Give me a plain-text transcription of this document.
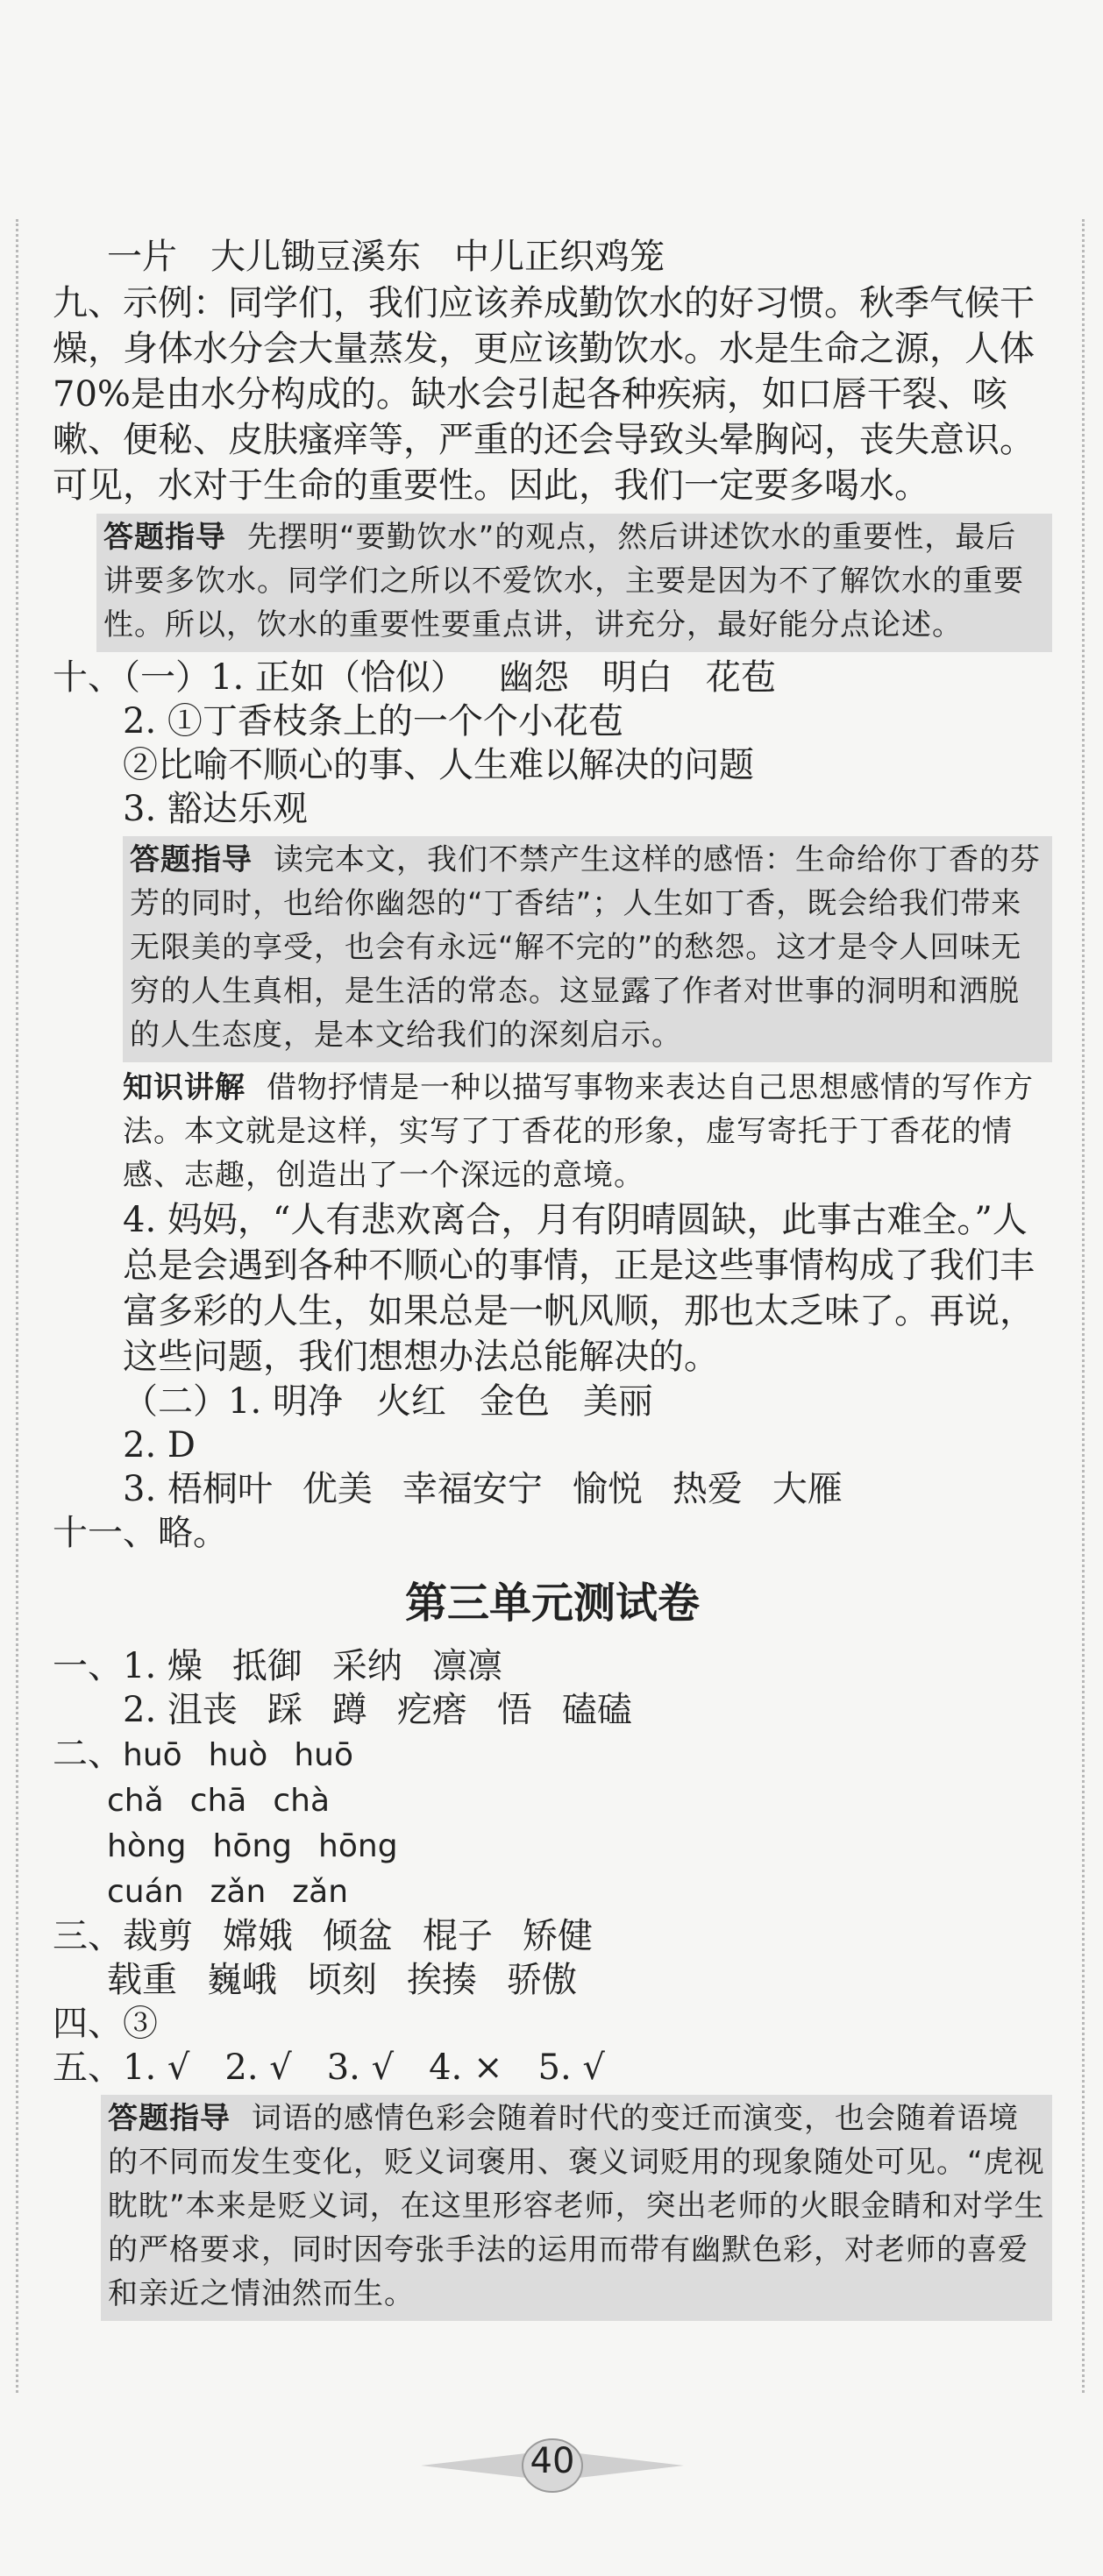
一片 大儿锄豆溪东 中儿正织鸡笼

九、示例：同学们，我们应该养成勤饮水的好习惯。秋季气候干燥，身体水分会大量蒸发，更应该勤饮水。水是生命之源，人体70%是由水分构成的。缺水会引起各种疾病，如口唇干裂、咳嗽、便秘、皮肤瘙痒等，严重的还会导致头晕胸闷，丧失意识。可见，水对于生命的重要性。因此，我们一定要多喝水。

答题指导 先摆明“要勤饮水”的观点，然后讲述饮水的重要性，最后讲要多饮水。同学们之所以不爱饮水，主要是因为不了解饮水的重要性。所以，饮水的重要性要重点讲，讲充分，最好能分点论述。

十、（一）1. 正如（恰似） 幽怨 明白 花苞

2. ①丁香枝条上的一个个小花苞

②比喻不顺心的事、人生难以解决的问题

3. 豁达乐观

答题指导 读完本文，我们不禁产生这样的感悟：生命给你丁香的芬芳的同时，也给你幽怨的“丁香结”；人生如丁香，既会给我们带来无限美的享受，也会有永远“解不完的”的愁怨。这才是令人回味无穷的人生真相，是生活的常态。这显露了作者对世事的洞明和洒脱的人生态度，是本文给我们的深刻启示。

知识讲解 借物抒情是一种以描写事物来表达自己思想感情的写作方法。本文就是这样，实写了丁香花的形象，虚写寄托于丁香花的情感、志趣，创造出了一个深远的意境。

4. 妈妈，“人有悲欢离合，月有阴晴圆缺，此事古难全。”人总是会遇到各种不顺心的事情，正是这些事情构成了我们丰富多彩的人生，如果总是一帆风顺，那也太乏味了。再说，这些问题，我们想想办法总能解决的。

（二）1. 明净 火红 金色 美丽

2. D

3. 梧桐叶 优美 幸福安宁 愉悦 热爱 大雁

十一、略。

第三单元测试卷

一、1. 燥 抵御 采纳 凛凛

2. 沮丧 踩 蹲 疙瘩 悟 磕磕

二、huō huò huō

chǎ chā chà

hòng hōng hōng

cuán zǎn zǎn

三、裁剪 嫦娥 倾盆 棍子 矫健

载重 巍峨 顷刻 挨揍 骄傲

四、③

五、1. √　2. √　3. √　4. ×　5. √

答题指导 词语的感情色彩会随着时代的变迁而演变，也会随着语境的不同而发生变化，贬义词褒用、褒义词贬用的现象随处可见。“虎视眈眈”本来是贬义词，在这里形容老师，突出老师的火眼金睛和对学生的严格要求，同时因夸张手法的运用而带有幽默色彩，对老师的喜爱和亲近之情油然而生。
40
